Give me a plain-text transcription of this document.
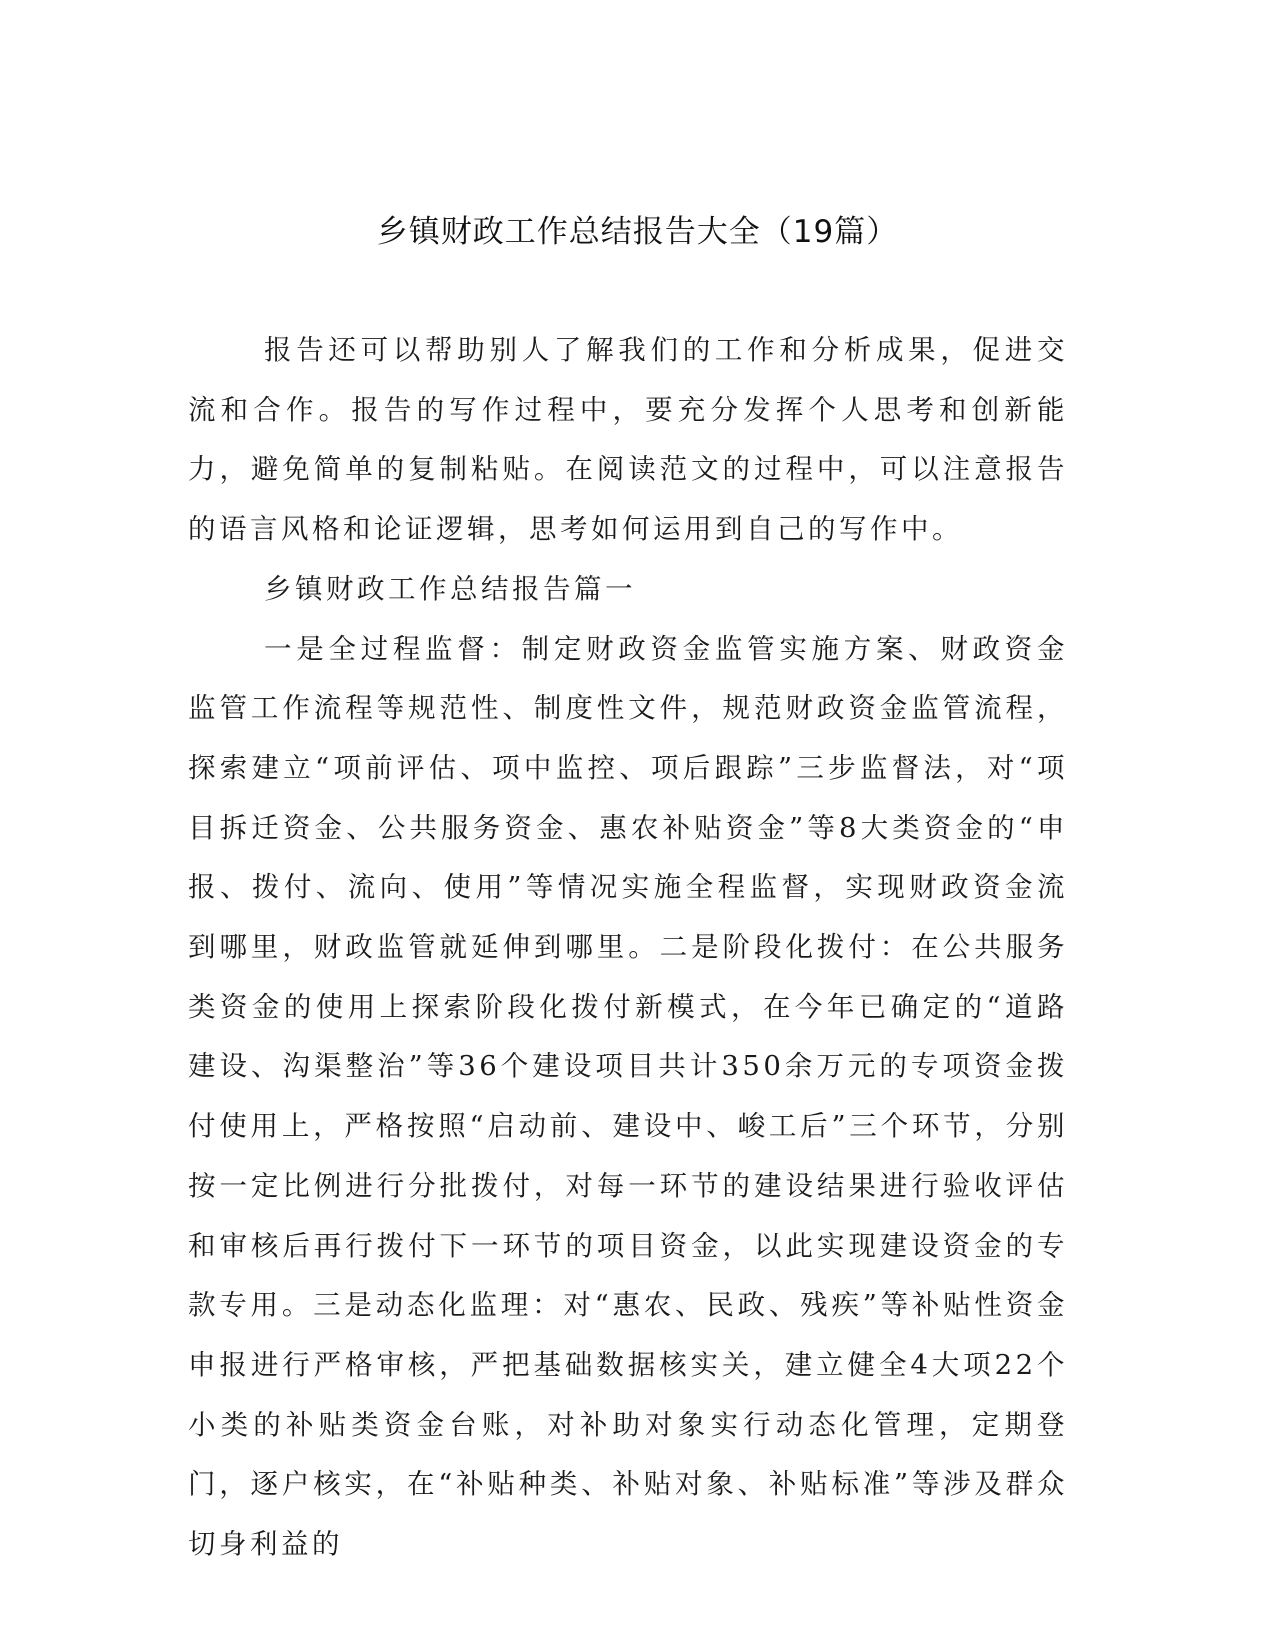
乡镇财政工作总结报告大全（19篇）

报告还可以帮助别人了解我们的工作和分析成果，促进交流和合作。报告的写作过程中，要充分发挥个人思考和创新能力，避免简单的复制粘贴。在阅读范文的过程中，可以注意报告的语言风格和论证逻辑，思考如何运用到自己的写作中。

乡镇财政工作总结报告篇一

一是全过程监督：制定财政资金监管实施方案、财政资金监管工作流程等规范性、制度性文件，规范财政资金监管流程，探索建立“项前评估、项中监控、项后跟踪”三步监督法，对“项目拆迁资金、公共服务资金、惠农补贴资金”等8大类资金的“申报、拨付、流向、使用”等情况实施全程监督，实现财政资金流到哪里，财政监管就延伸到哪里。二是阶段化拨付：在公共服务类资金的使用上探索阶段化拨付新模式，在今年已确定的“道路建设、沟渠整治”等36个建设项目共计350余万元的专项资金拨付使用上，严格按照“启动前、建设中、峻工后”三个环节，分别按一定比例进行分批拨付，对每一环节的建设结果进行验收评估和审核后再行拨付下一环节的项目资金，以此实现建设资金的专款专用。三是动态化监理：对“惠农、民政、残疾”等补贴性资金申报进行严格审核，严把基础数据核实关，建立健全4大项22个小类的补贴类资金台账，对补助对象实行动态化管理，定期登门，逐户核实，在“补贴种类、补贴对象、补贴标准”等涉及群众切身利益的
